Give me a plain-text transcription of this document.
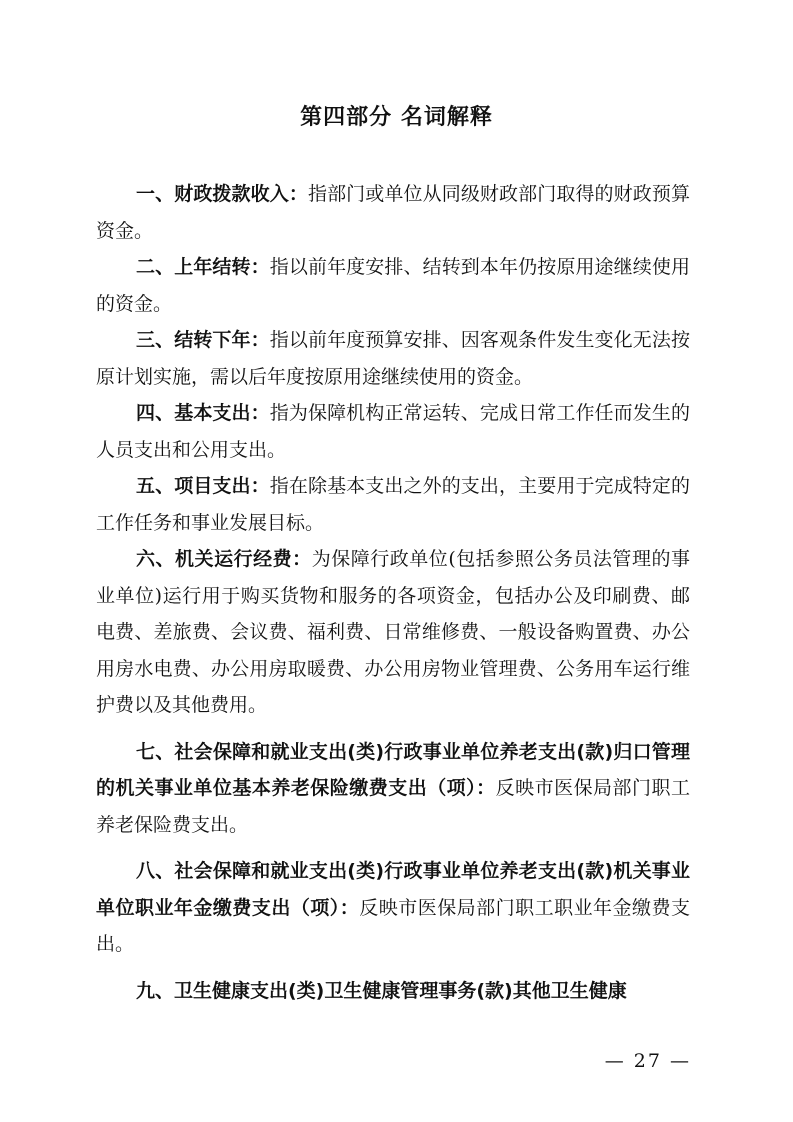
第四部分 名词解释

一、财政拨款收入：指部门或单位从同级财政部门取得的财政预算资金。

二、上年结转：指以前年度安排、结转到本年仍按原用途继续使用的资金。

三、结转下年：指以前年度预算安排、因客观条件发生变化无法按原计划实施，需以后年度按原用途继续使用的资金。

四、基本支出：指为保障机构正常运转、完成日常工作任而发生的人员支出和公用支出。

五、项目支出：指在除基本支出之外的支出，主要用于完成特定的工作任务和事业发展目标。

六、机关运行经费：为保障行政单位(包括参照公务员法管理的事业单位)运行用于购买货物和服务的各项资金，包括办公及印刷费、邮电费、差旅费、会议费、福利费、日常维修费、一般设备购置费、办公用房水电费、办公用房取暖费、办公用房物业管理费、公务用车运行维护费以及其他费用。

七、社会保障和就业支出(类)行政事业单位养老支出(款)归口管理的机关事业单位基本养老保险缴费支出（项）：反映市医保局部门职工养老保险费支出。

八、社会保障和就业支出(类)行政事业单位养老支出(款)机关事业单位职业年金缴费支出（项）：反映市医保局部门职工职业年金缴费支出。

九、卫生健康支出(类)卫生健康管理事务(款)其他卫生健康

— 27 —
